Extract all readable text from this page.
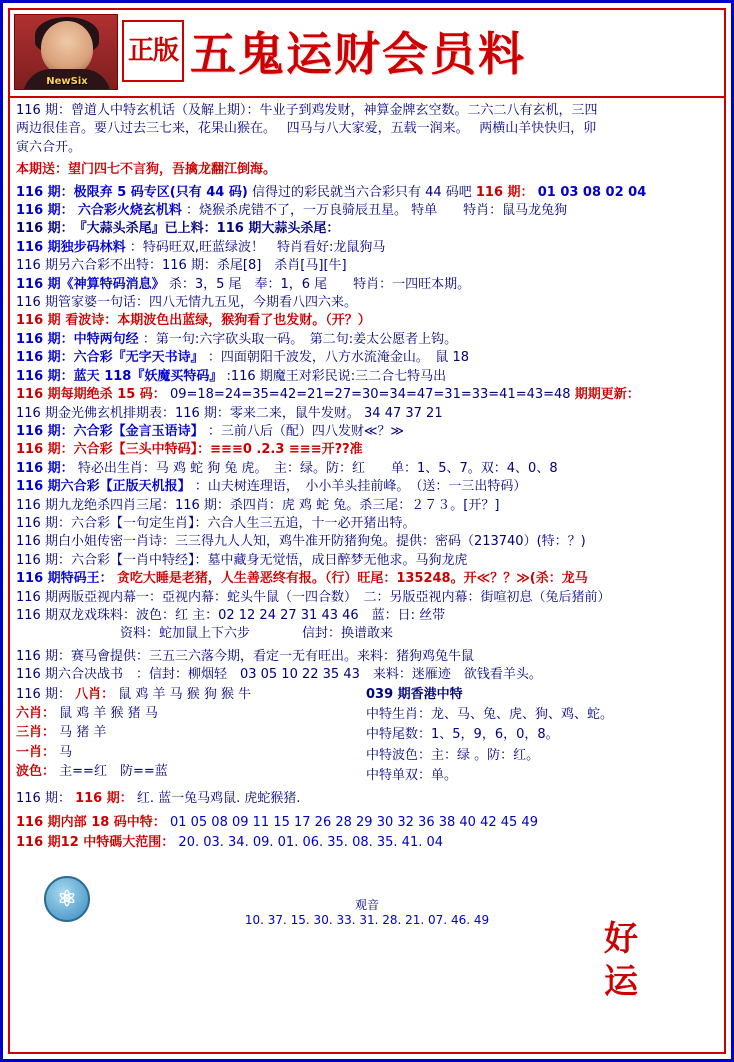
NewSix
正版 五鬼运财会员料
116 期：曾道人中特玄机话（及解上期）：牛业子到鸡发财，神算金牌玄空数。二六二八有玄机，三四
两边很佳音。要八过去三七来，花果山猴在。　 四马与八大家爱，五载一润来。　 两横山羊快快归，卯
寅六合开。
本期送：望门四七不言狗，吾擒龙翻江倒海。
116 期：极限弃 5 码专区(只有 44 码) 信得过的彩民就当六合彩只有 44 码吧 116 期： 01 03 08 02 04
116 期： 六合彩火烧玄机料 ：烧猴杀虎错不了，一万良骑辰丑星。 特单　　特肖：鼠马龙兔狗
116 期：　『大蒜头杀尾』已上料：116 期大蒜头杀尾：
116 期独步码林料 ：特码旺双,旺蓝绿波！　特肖看好:龙鼠狗马
116 期另六合彩不出特：116 期：杀尾[8]　杀肖[马][牛]
116 期《神算特码消息》 杀：3，5 尾　奉：1，6 尾　　特肖：一四旺本期。
116 期管家婆一句话：四八无情九五见，今期看八四六来。
116 期 看波诗：本期波色出蓝绿，猴狗看了也发财。（开？）
116 期：中特两句经 ：第一句:六字砍头取一码。　第二句:姜太公愿者上钩。
116 期：六合彩『无字天书诗』 ：四面朝阳千波发，八方水流淹金山。　鼠 18
116 期：蓝天 118『妖魔买特码』 :116 期魔王对彩民说:三二合七特马出
116 期每期绝杀 15 码： 09=18=24=35=42=21=27=30=34=47=31=33=41=43=48 期期更新：
116 期金光佛玄机排期表：116 期：零来二来，鼠牛发财。 34 47 37 21
116 期：六合彩【金言玉语诗】 ：三前八后（配）四八发财≪？≫
116 期：六合彩【三头中特码】：≡≡≡0 .2.3 ≡≡≡开??准
116 期： 特必出生肖：马 鸡 蛇 狗 兔 虎。　主：绿。防：红　　单：1、5、7。双：4、0、8
116 期六合彩【正版天机报】 ：山夫树连理语，　小小羊头挂前峰。　（送：一三出特码）
116 期九龙绝杀四肖三尾：116 期：杀四肖：虎 鸡 蛇 兔。杀三尾：２７３。[开？]
116 期：六合彩【一句定生肖】：六合人生三五追，十一必开猪出特。
116 期白小姐传密一肖诗：三三得九人人知，鸡牛准开防猪狗兔。提供：密码（213740）(特：？)
116 期：六合彩【一肖中特经】：墓中藏身无觉悟，成日醉梦无他求。马狗龙虎
116 期特码王： 贪吃大睡是老猪，人生善恶终有报。（行）旺尾：135248。开≪？？≫(杀：龙马
116 期两版亞视内幕一：亞视内幕：蛇头牛鼠（一四合数）　二：另版亞视内幕：街喧初息（兔后猪前）
116 期双龙戏珠料：波色：红 主：02 12 24 27 31 43 46　蓝：日: 丝带
　　　　　　　　资料：蛇加鼠上下六步　　　　信封：换谱敢来
116 期：赛马會提供：三五三六落今期，看定一无有旺出。来料：猪狗鸡兔牛鼠
116 期六合决战书　：信封：柳烟轻　03 05 10 22 35 43　来料：迷雁迹　欲钱看羊头。
116 期： 八肖： 鼠 鸡 羊 马 猴 狗 猴 牛
六肖： 鼠 鸡 羊 猴 猪 马
三肖： 马 猪 羊
一肖： 马
波色： 主==红　防==蓝
039 期香港中特
中特生肖：龙、马、兔、虎、狗、鸡、蛇。
中特尾数：1、5，9，6，0，8。
中特波色：主：绿 。防：红。
中特单双：单。
116 期： 116 期： 红. 蓝一兔马鸡鼠. 虎蛇猴猪.
116 期内部 18 码中特： 01 05 08 09 11 15 17 26 28 29 30 32 36 38 40 42 45 49
116 期12 中特碼大范围： 20. 03. 34. 09. 01. 06. 35. 08. 35. 41. 04
观音
10. 37. 15. 30. 33. 31. 28. 21. 07. 46. 49
⚛
好
运
